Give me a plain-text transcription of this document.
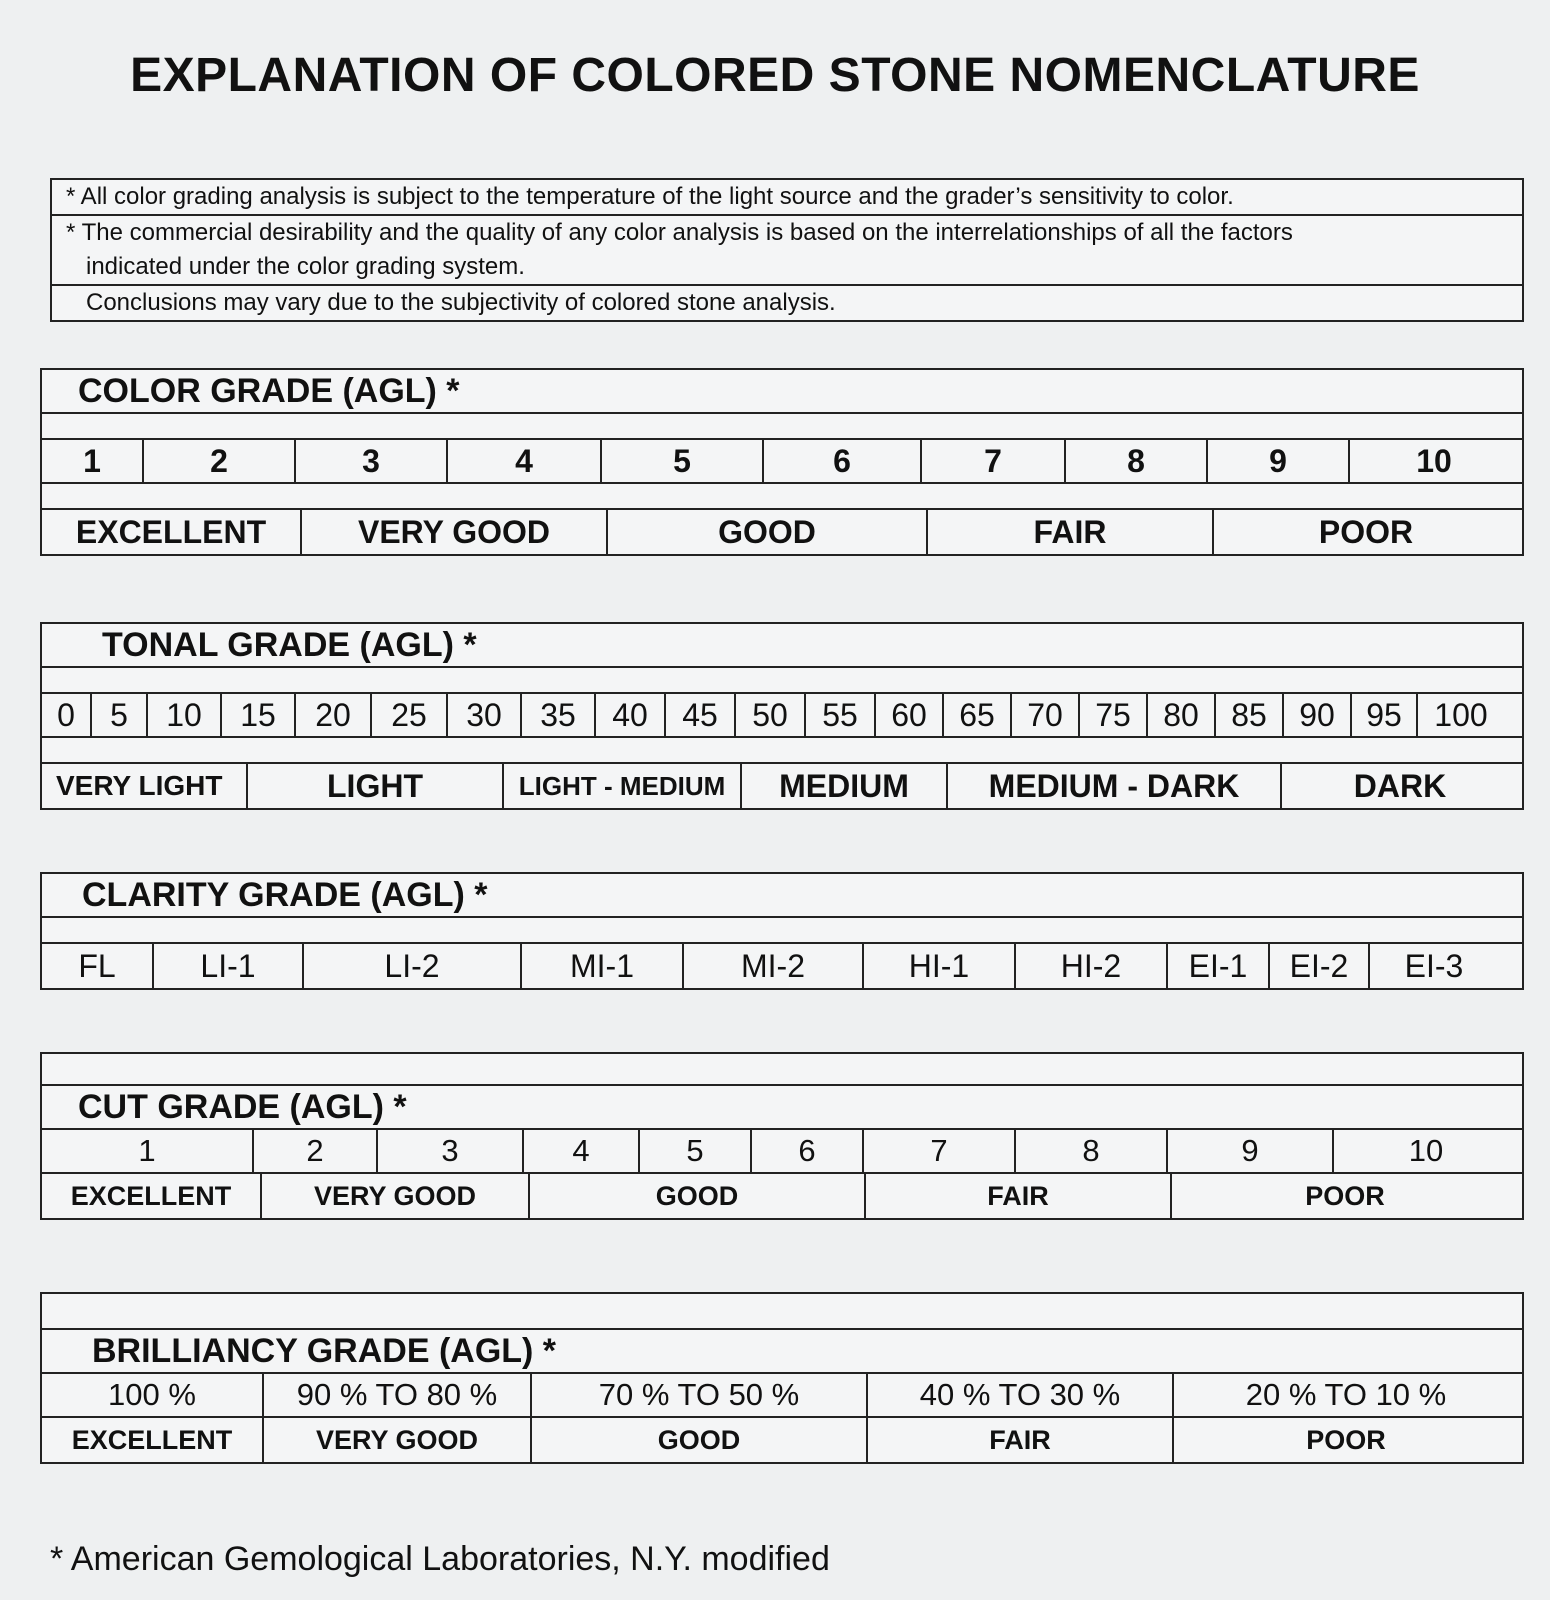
EXPLANATION OF COLORED STONE NOMENCLATURE
* All color grading analysis is subject to the temperature of the light source and the grader’s sensitivity to color.
* The commercial desirability and the quality of any color analysis is based on the interrelationships of all the factors
indicated under the color grading system.
Conclusions may vary due to the subjectivity of colored stone analysis.
COLOR GRADE (AGL) *
1	2	3	4	5	6	7	8	9	10
EXCELLENT	VERY GOOD	GOOD	FAIR	POOR
TONAL GRADE (AGL) *
0	5	10	15	20	25	30	35	40	45	50	55	60	65	70	75	80	85	90 95	100
VERY LIGHT	LIGHT	LIGHT - MEDIUM	MEDIUM	MEDIUM - DARK	DARK
CLARITY GRADE (AGL) *
FL	LI-1	LI-2	MI-1	MI-2	HI-1	HI-2	EI-1	EI-2	EI-3
CUT GRADE (AGL) *
1	2	3	4	5	6	7	8	9	10
EXCELLENT	VERY GOOD	GOOD	FAIR	POOR
BRILLIANCY GRADE (AGL) *
100 %	90 % TO 80 %	70 % TO 50 %	40 % TO 30 %	20 % TO 10 %
EXCELLENT	VERY GOOD	GOOD	FAIR	POOR
* American Gemological Laboratories, N.Y. modified
